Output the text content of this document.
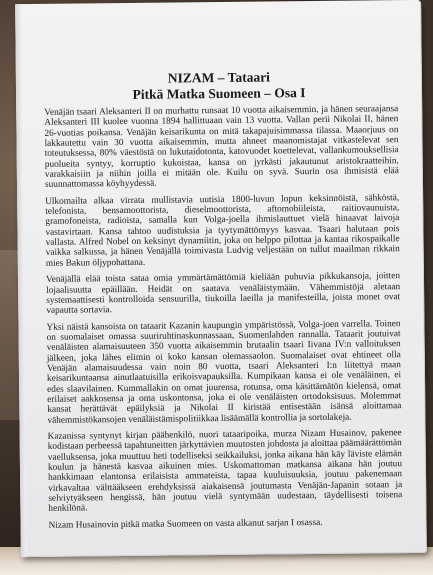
NIZAM – Tataari
Pitkä Matka Suomeen – Osa I

Venäjän tsaari Aleksanteri II on murhattu runsaat 10 vuotta aikaisemmin, ja hänen seuraajansa Aleksanteri III kuolee vuonna 1894 hallittuaan vain 13 vuotta. Vallan perii Nikolai II, hänen 26-vuotias poikansa. Venäjän keisarikunta on mitä takapajuisimmassa tilassa. Maaorjuus on lakkautettu vain 30 vuotta aikaisemmin, mutta ahneet maanomistajat vitkastelevat sen toteutuksessa, 80% väestöstä on lukutaidotonta, katovuodet koettelevat, vallankumouksellisia puolueita syntyy, korruptio kukoistaa, kansa on jyrkästi jakautunut aristokraatteihin, varakkaisiin ja niihin joilla ei mitään ole. Kuilu on syvä. Suurin osa ihmisistä elää suunnattomassa köyhyydessä.

Ulkomailta alkaa virrata mullistavia uutisia 1800-luvun lopun keksinnöistä, sähköstä, telefonista, bensamoottorista, dieselmoottorista, aftomobiileista, raitiovaunuista, gramofoneista, radioista, samalla kun Volga-joella ihmislauttuet vielä hinaavat laivoja vastavirtaan. Kansa tahtoo uudistuksia ja tyytymättömyys kasvaa. Tsaari halutaan pois vallasta. Alfred Nobel on keksinyt dynamiitin, joka on helppo pilottaa ja kantaa rikospaikalle vaikka salkussa, ja hänen Venäjällä toimivasta Ludvig veljestään on tullut maailman rikkain mies Bakun öljypohattana.

Venäjällä elää toista sataa omia ymmärtämättömiä kieliään puhuvia pikkukansoja, joitten lojaalisuutta epäillään. Heidät on saatava venäläistymään. Vähemmistöjä aletaan systemaattisesti kontrolloida sensuurilla, tiukoilla laeilla ja manifesteilla, joista monet ovat vapautta sortavia.

Yksi näistä kansoista on tataarit Kazanin kaupungin ympäristössä, Volga-joen varrella. Toinen on suomalaiset omassa suuriruhtinaskunnassaan, Suomenlahden rannalla. Tataarit joutuivat venäläisten alamaisuuteen 350 vuotta aikaisemmin brutaalin tsaari Iivana IV:n valloituksen jälkeen, joka lähes elimin oi koko kansan olemassaolon. Suomalaiset ovat ehtineet olla Venäjän alamaisuudessa vain noin 80 vuotta, tsaari Aleksanteri I:n liitettyä maan keisarikuntaansa ainutlaatuisilla erikoisvapauksilla. Kumpikaan kansa ei ole venäläinen, ei edes slaavilainen. Kummallakin on omat juurensa, rotunsa, oma käsittämätön kielensä, omat erilaiset aakkosensa ja oma uskontonsa, joka ei ole venäläisten ortodoksisuus. Molemmat kansat herättävät epäilyksiä ja Nikolai II kiristää entisestään isänsä aloittamaa vähemmistökansojen venäläistämispolitiikkaa lisäämällä kontrollia ja sortolakeja.

Kazanissa syntynyt kirjan päähenkilö, nuori tataaripoika, murza Nizam Husainov, pakenee kodistaan perheessä tapahtuneitten järkyttävien muutosten johdosta ja aloittaa päämäärättömän vaelluksensa, joka muuttuu heti todelliseksi seikkailuksi, jonka aikana hän käy läviste elämän koulun ja hänestä kasvaa aikuinen mies. Uskomattoman matkansa aikana hän joutuu hankkimaan elantonsa erilaisista ammateista, tapaa kuuluisuuksia, joutuu pakenemaan virkavaltaa välttääkseen erehdyksissä aiakaisensä joutumasta Venäjän-Japanin sotaan ja selviytyäkseen hengissä, hän joutuu vielä syntymään uudestaan, täydellisesti toisena henkilönä.

Nizam Husainovin pitkä matka Suomeen on vasta alkanut sarjan I osassa.
